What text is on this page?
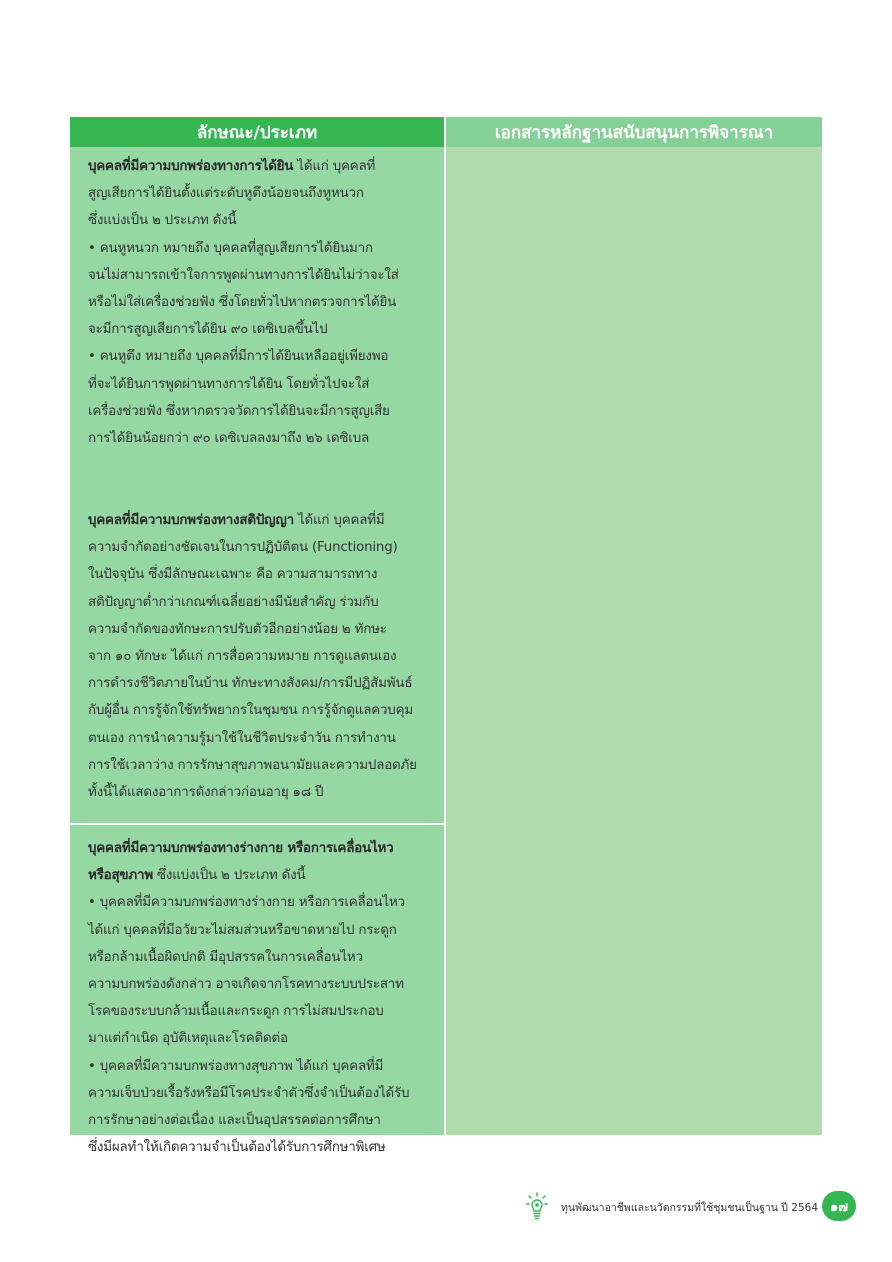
ลักษณะ/ประเภท	เอกสารหลักฐานสนับสนุนการพิจารณา
บุคคลที่มีความบกพร่องทางการได้ยิน ได้แก่ บุคคลที่
สูญเสียการได้ยินตั้งแต่ระดับหูตึงน้อยจนถึงหูหนวก
ซึ่งแบ่งเป็น ๒ ประเภท ดังนี้
• คนหูหนวก หมายถึง บุคคลที่สูญเสียการได้ยินมาก
จนไม่สามารถเข้าใจการพูดผ่านทางการได้ยินไม่ว่าจะใส่
หรือไม่ใส่เครื่องช่วยฟัง ซึ่งโดยทั่วไปหากตรวจการได้ยิน
จะมีการสูญเสียการได้ยิน ๙๐ เดซิเบลขึ้นไป
• คนหูตึง หมายถึง บุคคลที่มีการได้ยินเหลืออยู่เพียงพอ
ที่จะได้ยินการพูดผ่านทางการได้ยิน โดยทั่วไปจะใส่
เครื่องช่วยฟัง ซึ่งหากตรวจวัดการได้ยินจะมีการสูญเสีย
การได้ยินน้อยกว่า ๙๐ เดซิเบลลงมาถึง ๒๖ เดซิเบล
บุคคลที่มีความบกพร่องทางสติปัญญา ได้แก่ บุคคลที่มี
ความจำกัดอย่างชัดเจนในการปฏิบัติตน (Functioning)
ในปัจจุบัน ซึ่งมีลักษณะเฉพาะ คือ ความสามารถทาง
สติปัญญาต่ำกว่าเกณฑ์เฉลี่ยอย่างมีนัยสำคัญ ร่วมกับ
ความจำกัดของทักษะการปรับตัวอีกอย่างน้อย ๒ ทักษะ
จาก ๑๐ ทักษะ ได้แก่ การสื่อความหมาย การดูแลตนเอง
การดำรงชีวิตภายในบ้าน ทักษะทางสังคม/การมีปฏิสัมพันธ์
กับผู้อื่น การรู้จักใช้ทรัพยากรในชุมชน การรู้จักดูแลควบคุม
ตนเอง การนำความรู้มาใช้ในชีวิตประจำวัน การทำงาน
การใช้เวลาว่าง การรักษาสุขภาพอนามัยและความปลอดภัย
ทั้งนี้ได้แสดงอาการดังกล่าวก่อนอายุ ๑๘ ปี
บุคคลที่มีความบกพร่องทางร่างกาย หรือการเคลื่อนไหว
หรือสุขภาพ ซึ่งแบ่งเป็น ๒ ประเภท ดังนี้
• บุคคลที่มีความบกพร่องทางร่างกาย หรือการเคลื่อนไหว
ได้แก่ บุคคลที่มีอวัยวะไม่สมส่วนหรือขาดหายไป กระดูก
หรือกล้ามเนื้อผิดปกติ มีอุปสรรคในการเคลื่อนไหว
ความบกพร่องดังกล่าว อาจเกิดจากโรคทางระบบประสาท
โรคของระบบกล้ามเนื้อและกระดูก การไม่สมประกอบ
มาแต่กำเนิด อุบัติเหตุและโรคติดต่อ
• บุคคลที่มีความบกพร่องทางสุขภาพ ได้แก่ บุคคลที่มี
ความเจ็บป่วยเรื้อรังหรือมีโรคประจำตัวซึ่งจำเป็นต้องได้รับ
การรักษาอย่างต่อเนื่อง และเป็นอุปสรรคต่อการศึกษา
ซึ่งมีผลทำให้เกิดความจำเป็นต้องได้รับการศึกษาพิเศษ
ทุนพัฒนาอาชีพและนวัตกรรมที่ใช้ชุมชนเป็นฐาน ปี 2564 ๑๗
